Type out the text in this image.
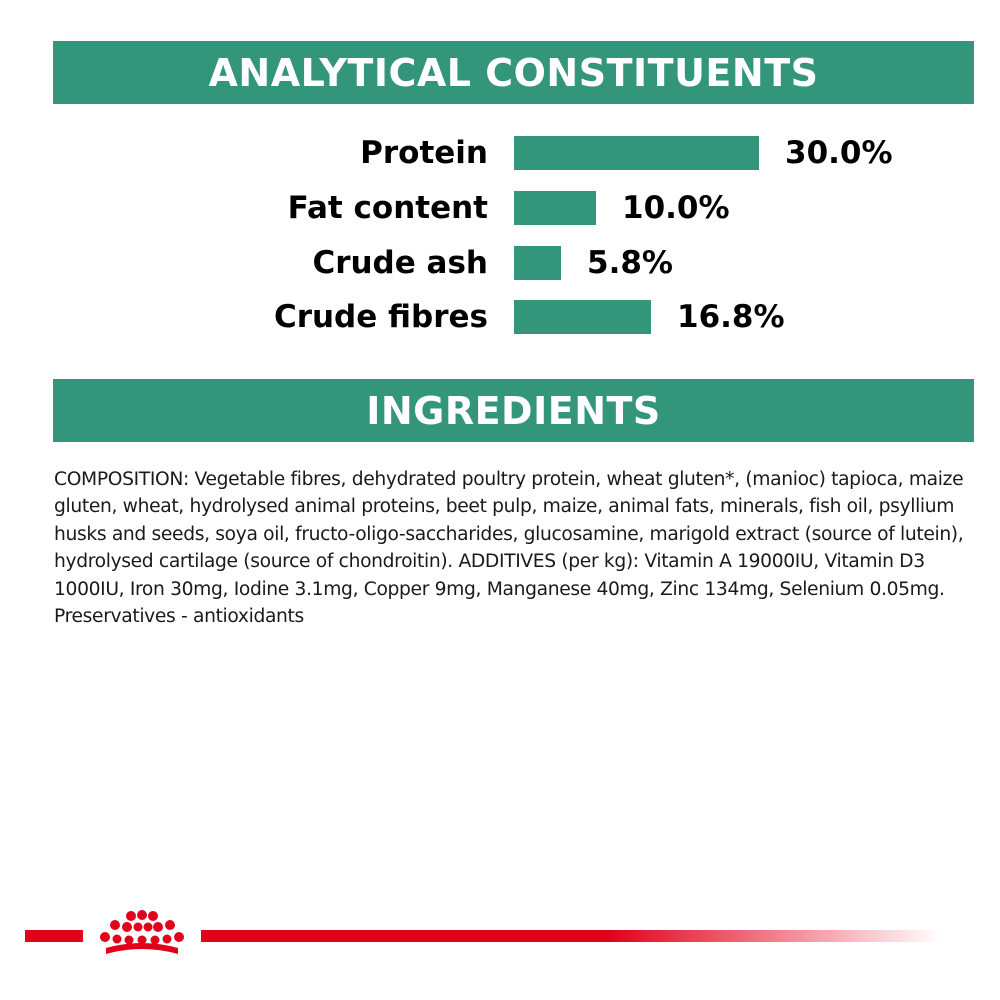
ANALYTICAL CONSTITUENTS
Protein	30.0%
Fat content	10.0%
Crude ash	5.8%
Crude fibres	16.8%
INGREDIENTS
COMPOSITION: Vegetable fibres, dehydrated poultry protein, wheat gluten*, (manioc) tapioca, maize gluten, wheat, hydrolysed animal proteins, beet pulp, maize, animal fats, minerals, fish oil, psyllium husks and seeds, soya oil, fructo-oligo-saccharides, glucosamine, marigold extract (source of lutein), hydrolysed cartilage (source of chondroitin). ADDITIVES (per kg): Vitamin A 19000IU, Vitamin D3 1000IU, Iron 30mg, Iodine 3.1mg, Copper 9mg, Manganese 40mg, Zinc 134mg, Selenium 0.05mg. Preservatives - antioxidants
